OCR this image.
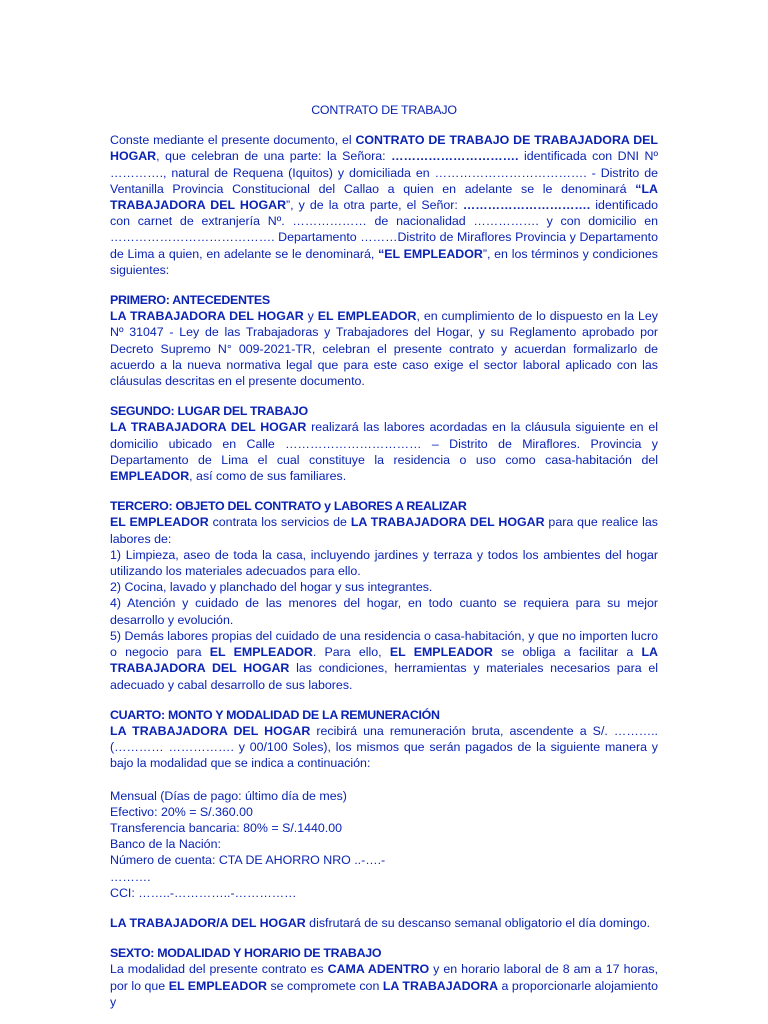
CONTRATO DE TRABAJO

Conste mediante el presente documento, el CONTRATO DE TRABAJO DE TRABAJADORA DEL HOGAR, que celebran de una parte: la Señora: …………………………. identificada con DNI Nº …………., natural de Requena (Iquitos) y domiciliada en ………………………………. - Distrito de Ventanilla Provincia Constitucional del Callao a quien en adelante se le denominará “LA TRABAJADORA DEL HOGAR”, y de la otra parte, el Señor: …………………………. identificado con carnet de extranjería Nº. ……………… de nacionalidad ……………. y con domicilio en …………………………………. Departamento ………Distrito de Miraflores Provincia y Departamento de Lima a quien, en adelante se le denominará, “EL EMPLEADOR”, en los términos y condiciones siguientes:

PRIMERO: ANTECEDENTES

LA TRABAJADORA DEL HOGAR y EL EMPLEADOR, en cumplimiento de lo dispuesto en la Ley Nº 31047 - Ley de las Trabajadoras y Trabajadores del Hogar, y su Reglamento aprobado por Decreto Supremo N° 009-2021-TR, celebran el presente contrato y acuerdan formalizarlo de acuerdo a la nueva normativa legal que para este caso exige el sector laboral aplicado con las cláusulas descritas en el presente documento.

SEGUNDO: LUGAR DEL TRABAJO

LA TRABAJADORA DEL HOGAR realizará las labores acordadas en la cláusula siguiente en el domicilio ubicado en Calle …………………………… – Distrito de Miraflores. Provincia y Departamento de Lima el cual constituye la residencia o uso como casa-habitación del EMPLEADOR, así como de sus familiares.

TERCERO: OBJETO DEL CONTRATO y LABORES A REALIZAR

EL EMPLEADOR contrata los servicios de LA TRABAJADORA DEL HOGAR para que realice las labores de:

1) Limpieza, aseo de toda la casa, incluyendo jardines y terraza y todos los ambientes del hogar utilizando los materiales adecuados para ello.

2) Cocina, lavado y planchado del hogar y sus integrantes.

4) Atención y cuidado de las menores del hogar, en todo cuanto se requiera para su mejor desarrollo y evolución.

5) Demás labores propias del cuidado de una residencia o casa-habitación, y que no importen lucro o negocio para EL EMPLEADOR. Para ello, EL EMPLEADOR se obliga a facilitar a LA TRABAJADORA DEL HOGAR las condiciones, herramientas y materiales necesarios para el adecuado y cabal desarrollo de sus labores.

CUARTO: MONTO Y MODALIDAD DE LA REMUNERACIÓN

LA TRABAJADORA DEL HOGAR recibirá una remuneración bruta, ascendente a S/. ……….. (………… ……………. y 00/100 Soles), los mismos que serán pagados de la siguiente manera y bajo la modalidad que se indica a continuación:

Mensual (Días de pago: último día de mes)
Efectivo: 20% = S/.360.00
Transferencia bancaria: 80% = S/.1440.00
Banco de la Nación:
Número de cuenta: CTA DE AHORRO NRO ..-….-
……….
CCI: ……..-…………..-……………

LA TRABAJADOR/A DEL HOGAR disfrutará de su descanso semanal obligatorio el día domingo.

SEXTO: MODALIDAD Y HORARIO DE TRABAJO

La modalidad del presente contrato es CAMA ADENTRO y en horario laboral de 8 am a 17 horas, por lo que EL EMPLEADOR se compromete con LA TRABAJADORA a proporcionarle alojamiento y
